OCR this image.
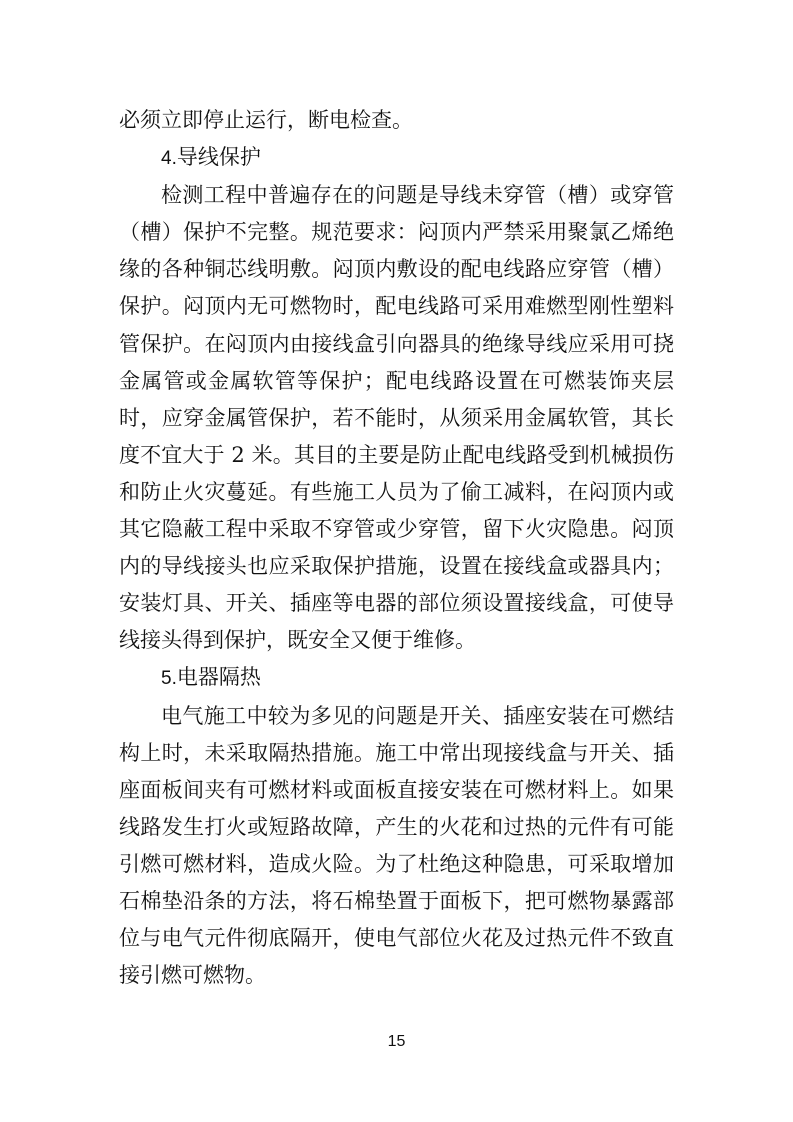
必须立即停止运行，断电检查。

4.导线保护

检测工程中普遍存在的问题是导线未穿管（槽）或穿管（槽）保护不完整。规范要求：闷顶内严禁采用聚氯乙烯绝缘的各种铜芯线明敷。闷顶内敷设的配电线路应穿管（槽）保护。闷顶内无可燃物时，配电线路可采用难燃型刚性塑料管保护。在闷顶内由接线盒引向器具的绝缘导线应采用可挠金属管或金属软管等保护；配电线路设置在可燃装饰夹层时，应穿金属管保护，若不能时，从须采用金属软管，其长度不宜大于 2 米。其目的主要是防止配电线路受到机械损伤和防止火灾蔓延。有些施工人员为了偷工减料，在闷顶内或其它隐蔽工程中采取不穿管或少穿管，留下火灾隐患。闷顶内的导线接头也应采取保护措施，设置在接线盒或器具内；安装灯具、开关、插座等电器的部位须设置接线盒，可使导线接头得到保护，既安全又便于维修。

5.电器隔热

电气施工中较为多见的问题是开关、插座安装在可燃结构上时，未采取隔热措施。施工中常出现接线盒与开关、插座面板间夹有可燃材料或面板直接安装在可燃材料上。如果线路发生打火或短路故障，产生的火花和过热的元件有可能引燃可燃材料，造成火险。为了杜绝这种隐患，可采取增加石棉垫沿条的方法，将石棉垫置于面板下，把可燃物暴露部位与电气元件彻底隔开，使电气部位火花及过热元件不致直接引燃可燃物。

15
